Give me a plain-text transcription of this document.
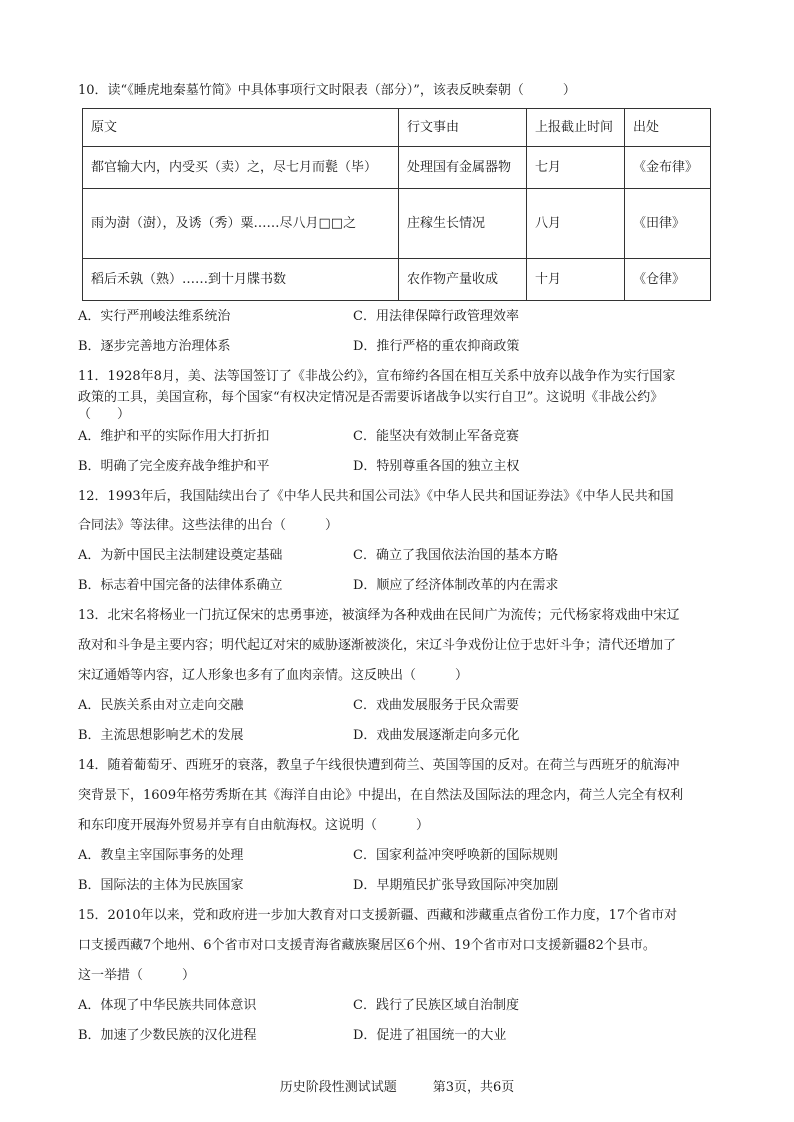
10．读“《睡虎地秦墓竹简》中具体事项行文时限表（部分）”，该表反映秦朝（　　　）
原文	行文事由	上报截止时间	出处
都官输大内，内受买（卖）之，尽七月而甏（毕）	处理国有金属器物	七月	《金布律》
雨为澍（澍），及诱（秀）粟……尽八月□□之	庄稼生长情况	八月	《田律》
稻后禾孰（熟）……到十月牒书数	农作物产量收成	十月	《仓律》
A．实行严刑峻法维系统治	C．用法律保障行政管理效率
B．逐步完善地方治理体系	D．推行严格的重农抑商政策
11．1928年8月，美、法等国签订了《非战公约》，宣布缔约各国在相互关系中放弃以战争作为实行国家
政策的工具，美国宣称，每个国家“有权决定情况是否需要诉诸战争以实行自卫”。这说明《非战公约》
（　　）
A．维护和平的实际作用大打折扣	C．能坚决有效制止军备竞赛
B．明确了完全废弃战争维护和平	D．特别尊重各国的独立主权
12．1993年后，我国陆续出台了《中华人民共和国公司法》《中华人民共和国证券法》《中华人民共和国
合同法》等法律。这些法律的出台（　　　）
A．为新中国民主法制建设奠定基础	C．确立了我国依法治国的基本方略
B．标志着中国完备的法律体系确立	D．顺应了经济体制改革的内在需求
13．北宋名将杨业一门抗辽保宋的忠勇事迹，被演绎为各种戏曲在民间广为流传；元代杨家将戏曲中宋辽
敌对和斗争是主要内容；明代起辽对宋的威胁逐渐被淡化，宋辽斗争戏份让位于忠奸斗争；清代还增加了
宋辽通婚等内容，辽人形象也多有了血肉亲情。这反映出（　　　）
A．民族关系由对立走向交融	C．戏曲发展服务于民众需要
B．主流思想影响艺术的发展	D．戏曲发展逐渐走向多元化
14．随着葡萄牙、西班牙的衰落，教皇子午线很快遭到荷兰、英国等国的反对。在荷兰与西班牙的航海冲
突背景下，1609年格劳秀斯在其《海洋自由论》中提出，在自然法及国际法的理念内，荷兰人完全有权利
和东印度开展海外贸易并享有自由航海权。这说明（　　　）
A．教皇主宰国际事务的处理	C．国家利益冲突呼唤新的国际规则
B．国际法的主体为民族国家	D．早期殖民扩张导致国际冲突加剧
15．2010年以来，党和政府进一步加大教育对口支援新疆、西藏和涉藏重点省份工作力度，17个省市对
口支援西藏7个地州、6个省市对口支援青海省藏族聚居区6个州、19个省市对口支援新疆82个县市。
这一举措（　　　）
A．体现了中华民族共同体意识	C．践行了民族区域自治制度
B．加速了少数民族的汉化进程	D．促进了祖国统一的大业
历史阶段性测试试题	第3页，共6页
